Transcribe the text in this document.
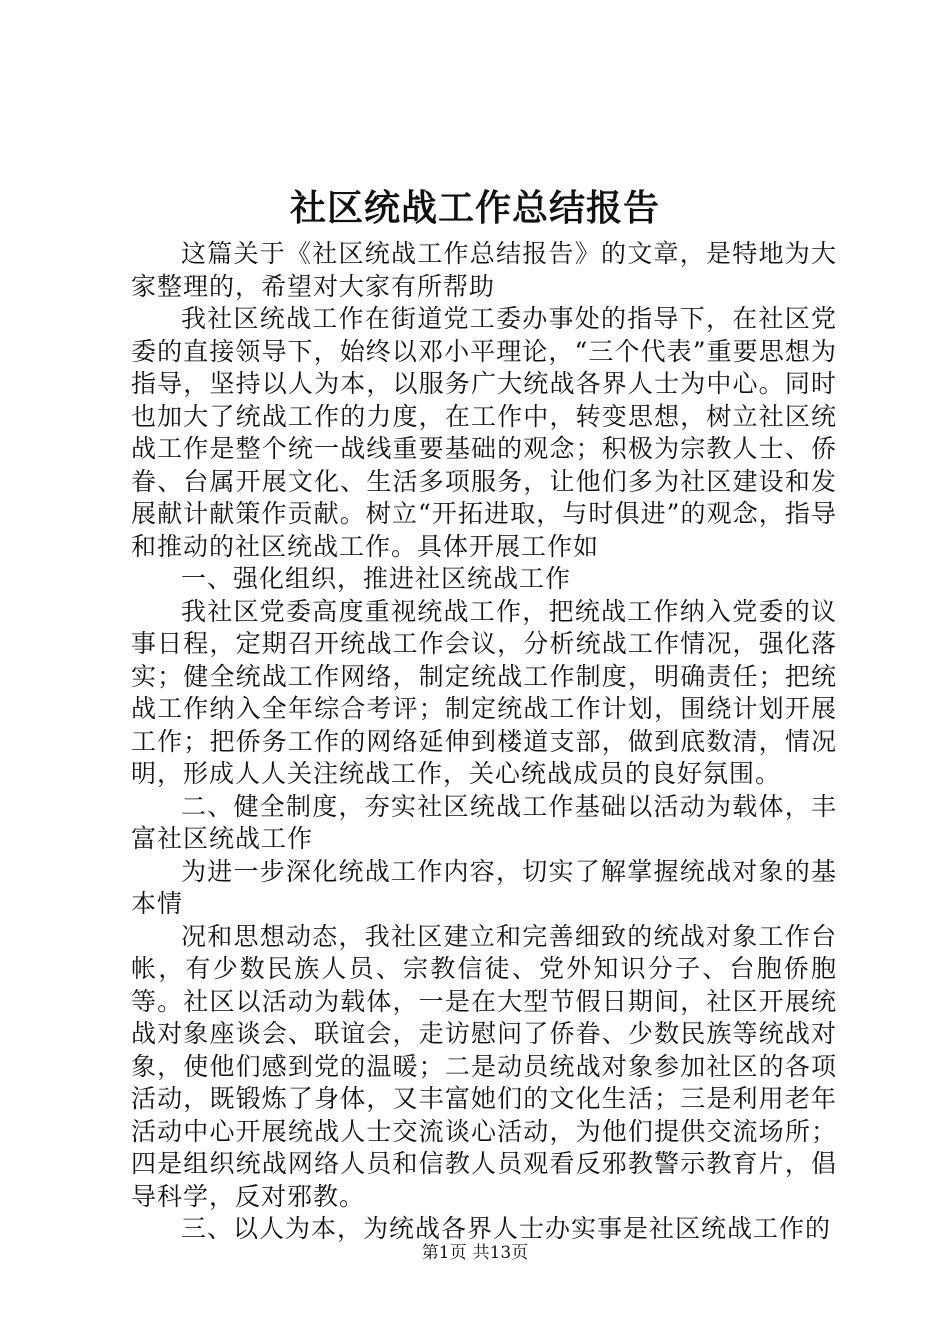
社区统战工作总结报告

这篇关于《社区统战工作总结报告》的文章，是特地为大家整理的，希望对大家有所帮助

我社区统战工作在街道党工委办事处的指导下，在社区党委的直接领导下，始终以邓小平理论，“三个代表”重要思想为指导，坚持以人为本，以服务广大统战各界人士为中心。同时也加大了统战工作的力度，在工作中，转变思想，树立社区统战工作是整个统一战线重要基础的观念；积极为宗教人士、侨眷、台属开展文化、生活多项服务，让他们多为社区建设和发展献计献策作贡献。树立“开拓进取，与时俱进”的观念，指导和推动的社区统战工作。具体开展工作如

一、强化组织，推进社区统战工作

我社区党委高度重视统战工作，把统战工作纳入党委的议事日程，定期召开统战工作会议，分析统战工作情况，强化落实；健全统战工作网络，制定统战工作制度，明确责任；把统战工作纳入全年综合考评；制定统战工作计划，围绕计划开展工作；把侨务工作的网络延伸到楼道支部，做到底数清，情况明，形成人人关注统战工作，关心统战成员的良好氛围。

二、健全制度，夯实社区统战工作基础以活动为载体，丰富社区统战工作

为进一步深化统战工作内容，切实了解掌握统战对象的基本情

况和思想动态，我社区建立和完善细致的统战对象工作台帐，有少数民族人员、宗教信徒、党外知识分子、台胞侨胞等。社区以活动为载体，一是在大型节假日期间，社区开展统战对象座谈会、联谊会，走访慰问了侨眷、少数民族等统战对象，使他们感到党的温暖；二是动员统战对象参加社区的各项活动，既锻炼了身体，又丰富她们的文化生活；三是利用老年活动中心开展统战人士交流谈心活动，为他们提供交流场所；四是组织统战网络人员和信教人员观看反邪教警示教育片，倡导科学，反对邪教。

三、以人为本，为统战各界人士办实事是社区统战工作的

第1页 共13页
